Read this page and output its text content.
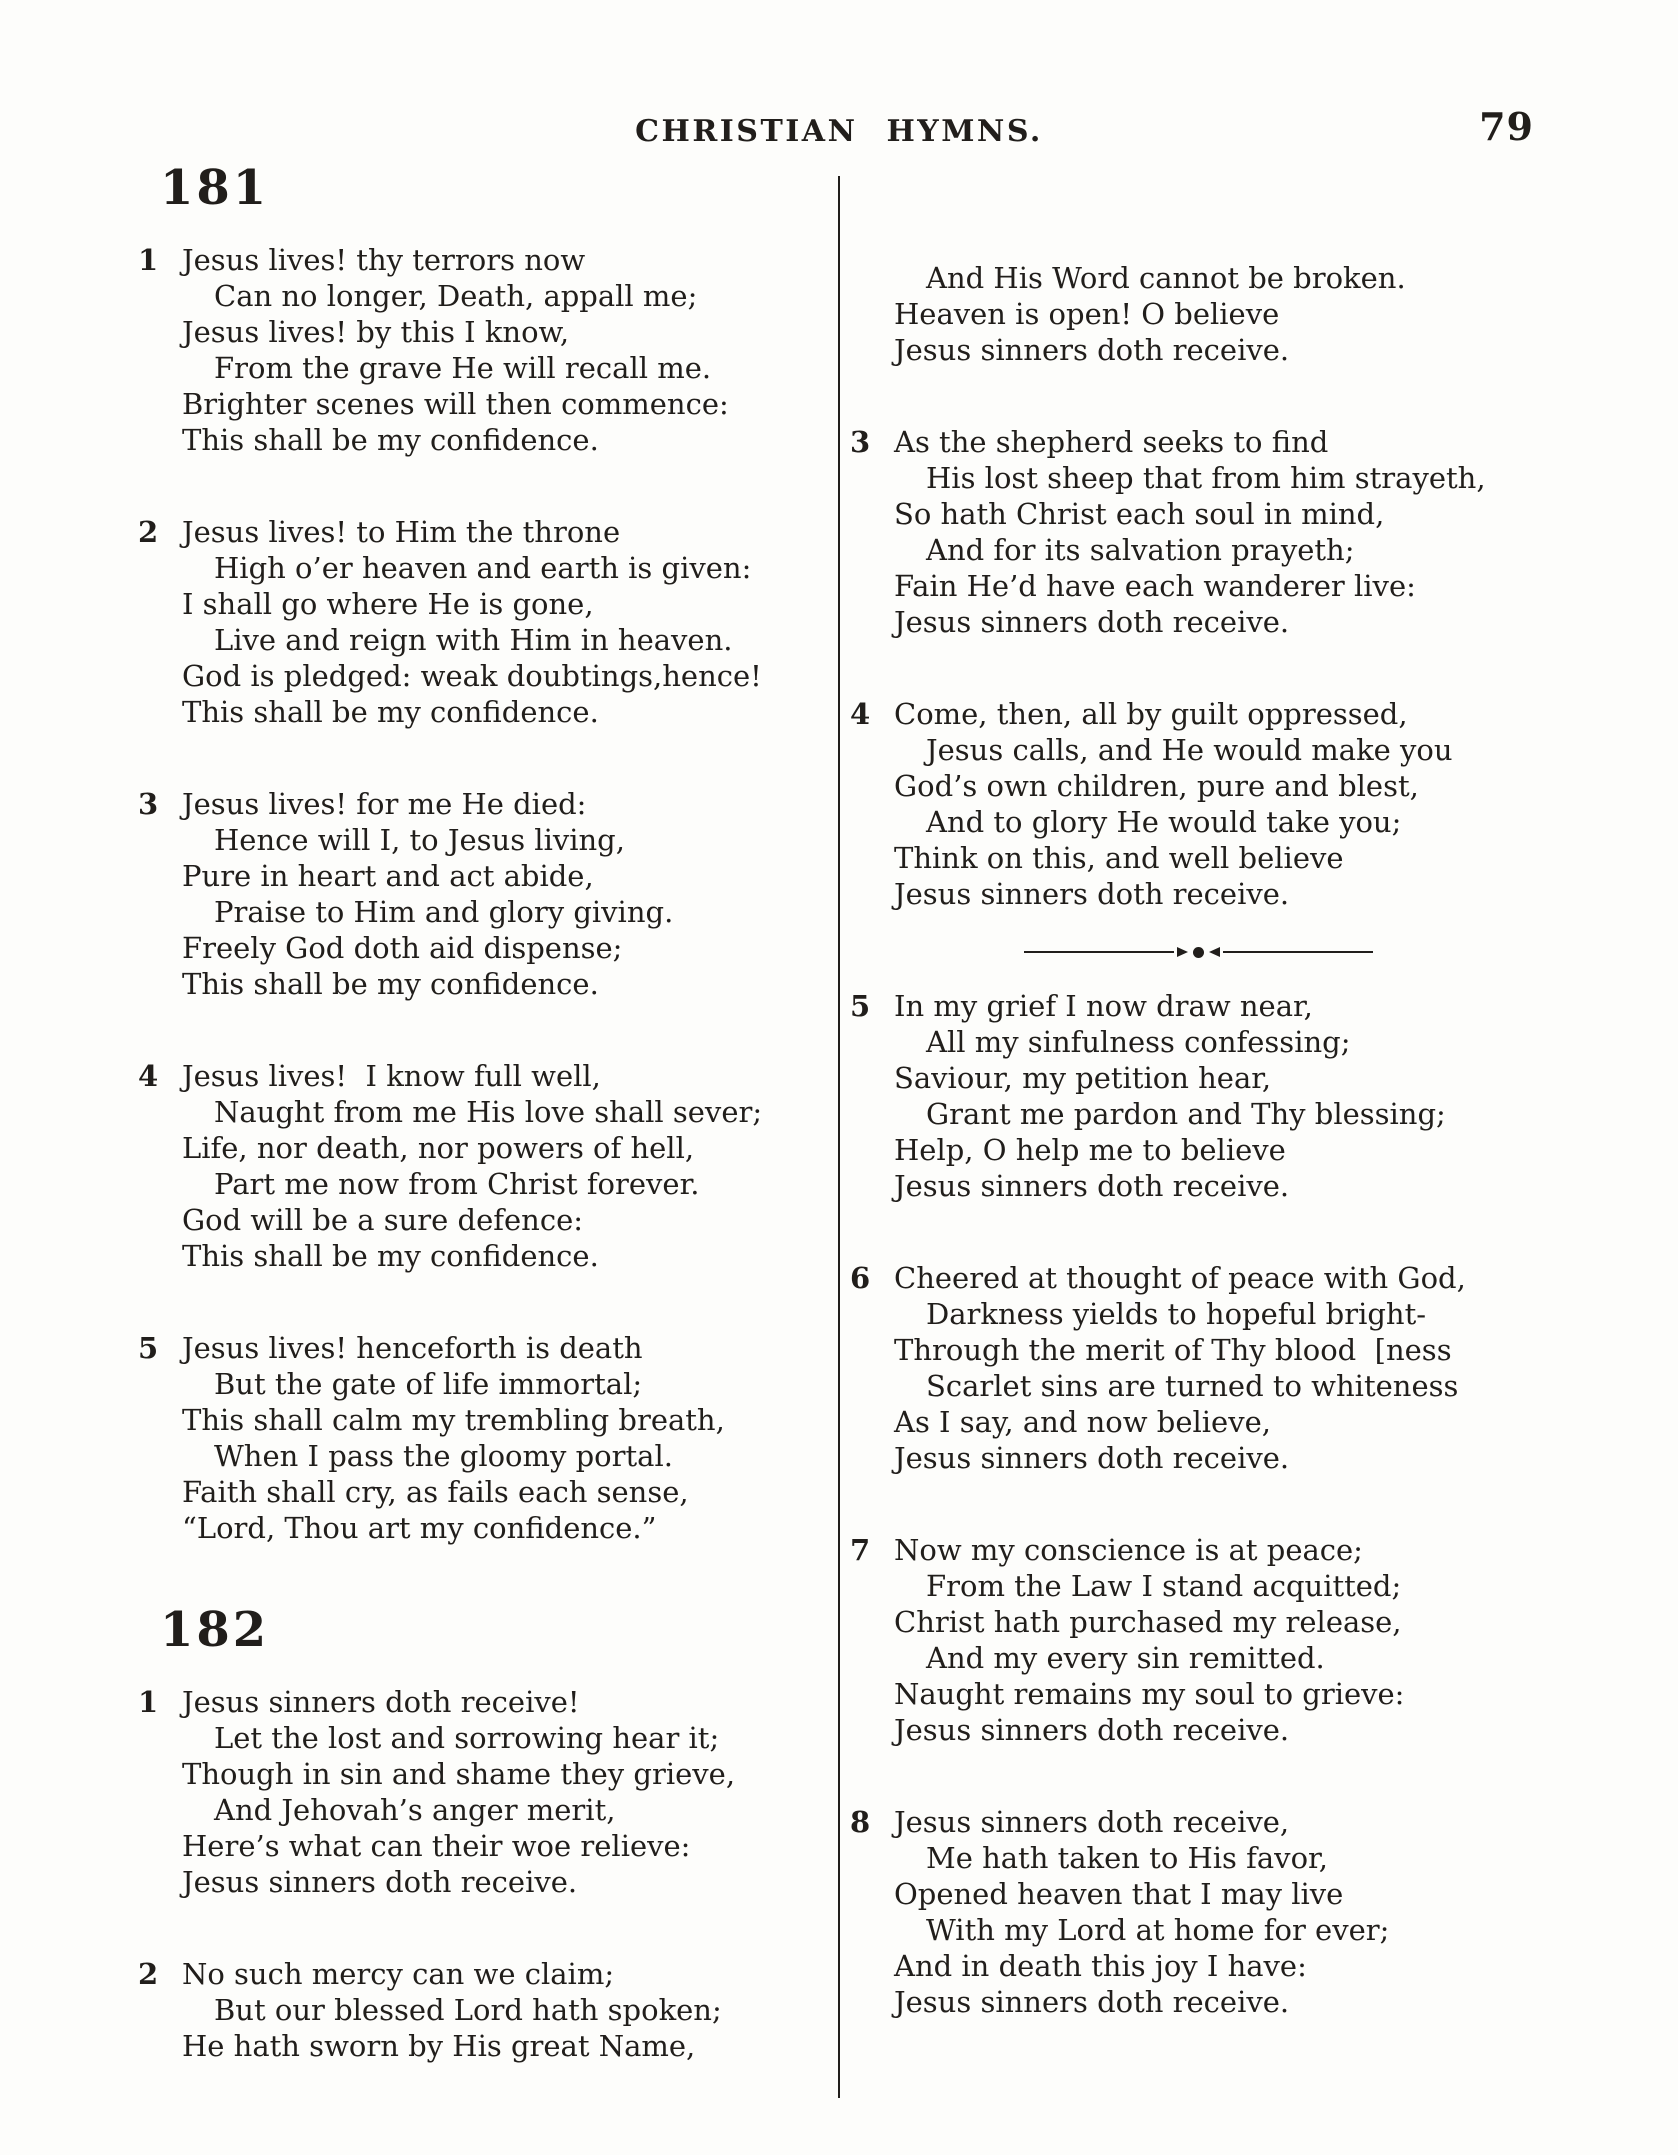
CHRISTIAN HYMNS.	79
181
1 Jesus lives! thy terrors now
Can no longer, Death, appall me;
Jesus lives! by this I know,
From the grave He will recall me.
Brighter scenes will then commence:
This shall be my confidence.
2 Jesus lives! to Him the throne
High o’er heaven and earth is given:
I shall go where He is gone,
Live and reign with Him in heaven.
God is pledged: weak doubtings,hence!
This shall be my confidence.
3 Jesus lives! for me He died:
Hence will I, to Jesus living,
Pure in heart and act abide,
Praise to Him and glory giving.
Freely God doth aid dispense;
This shall be my confidence.
4 Jesus lives!  I know full well,
Naught from me His love shall sever;
Life, nor death, nor powers of hell,
Part me now from Christ forever.
God will be a sure defence:
This shall be my confidence.
5 Jesus lives! henceforth is death
But the gate of life immortal;
This shall calm my trembling breath,
When I pass the gloomy portal.
Faith shall cry, as fails each sense,
“Lord, Thou art my confidence.”
182
1 Jesus sinners doth receive!
Let the lost and sorrowing hear it;
Though in sin and shame they grieve,
And Jehovah’s anger merit,
Here’s what can their woe relieve:
Jesus sinners doth receive.
2 No such mercy can we claim;
But our blessed Lord hath spoken;
He hath sworn by His great Name,
And His Word cannot be broken.
Heaven is open! O believe
Jesus sinners doth receive.
3 As the shepherd seeks to find
His lost sheep that from him strayeth,
So hath Christ each soul in mind,
And for its salvation prayeth;
Fain He’d have each wanderer live:
Jesus sinners doth receive.
4 Come, then, all by guilt oppressed,
Jesus calls, and He would make you
God’s own children, pure and blest,
And to glory He would take you;
Think on this, and well believe
Jesus sinners doth receive.
5 In my grief I now draw near,
All my sinfulness confessing;
Saviour, my petition hear,
Grant me pardon and Thy blessing;
Help, O help me to believe
Jesus sinners doth receive.
6 Cheered at thought of peace with God,
Darkness yields to hopeful bright-
Through the merit of Thy blood  [ness
Scarlet sins are turned to whiteness
As I say, and now believe,
Jesus sinners doth receive.
7 Now my conscience is at peace;
From the Law I stand acquitted;
Christ hath purchased my release,
And my every sin remitted.
Naught remains my soul to grieve:
Jesus sinners doth receive.
8 Jesus sinners doth receive,
Me hath taken to His favor,
Opened heaven that I may live
With my Lord at home for ever;
And in death this joy I have:
Jesus sinners doth receive.
